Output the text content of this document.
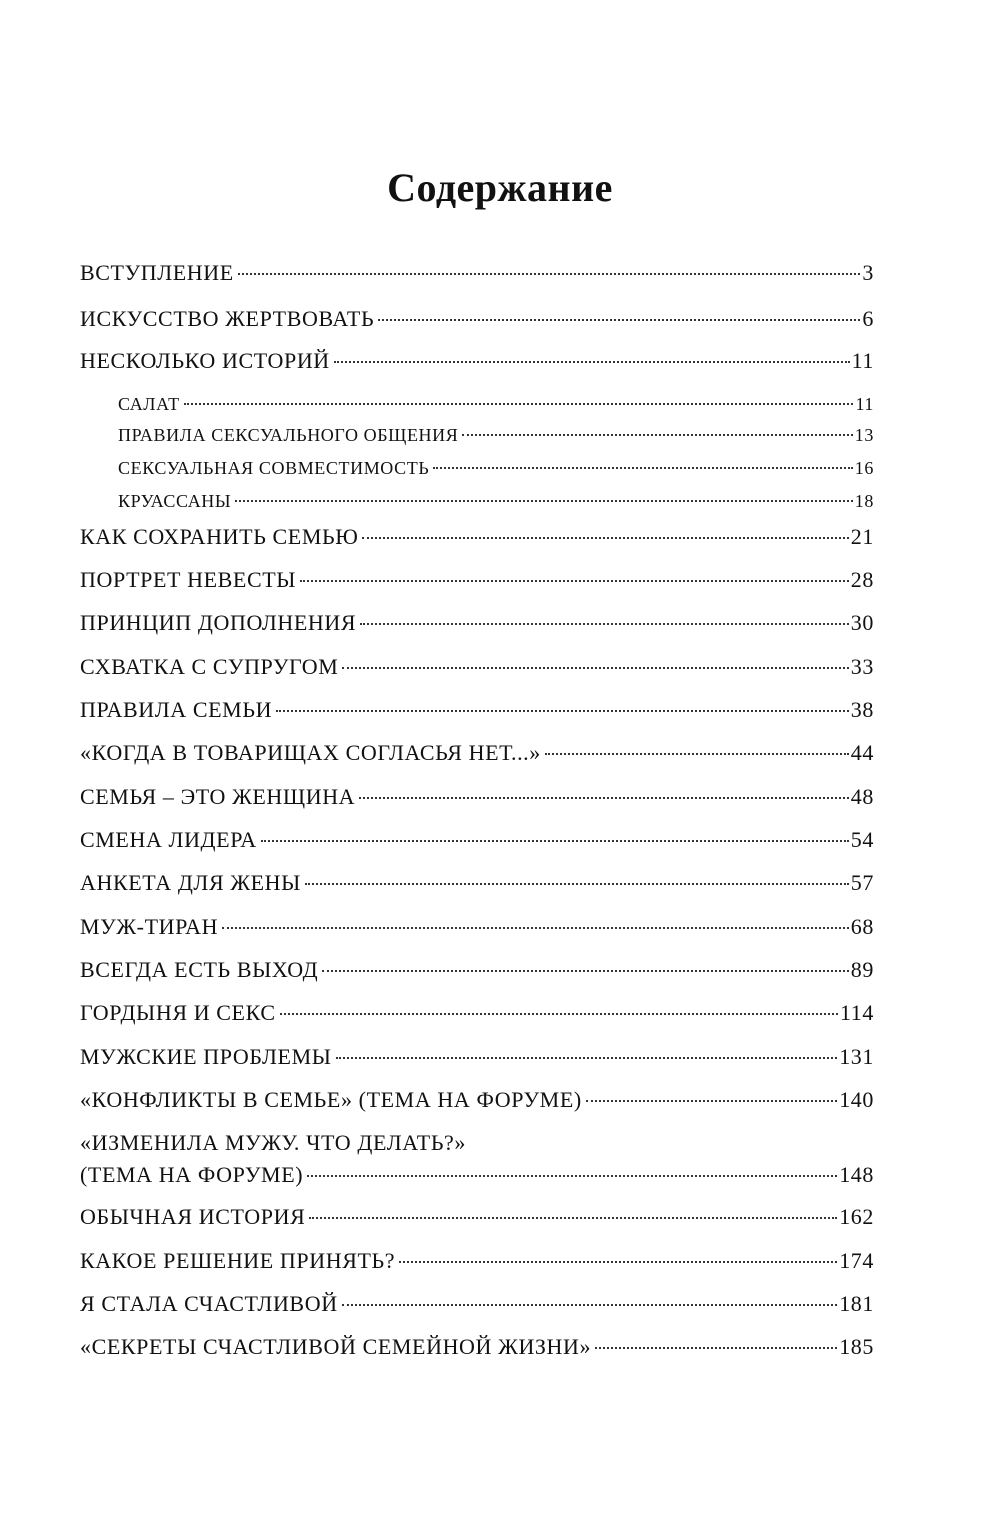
Содержание
ВСТУПЛЕНИЕ	3
ИСКУССТВО ЖЕРТВОВАТЬ	6
НЕСКОЛЬКО ИСТОРИЙ	11
САЛАТ	11
ПРАВИЛА СЕКСУАЛЬНОГО ОБЩЕНИЯ	13
СЕКСУАЛЬНАЯ СОВМЕСТИМОСТЬ	16
КРУАССАНЫ	18
КАК СОХРАНИТЬ СЕМЬЮ	21
ПОРТРЕТ НЕВЕСТЫ	28
ПРИНЦИП ДОПОЛНЕНИЯ	30
СХВАТКА С СУПРУГОМ	33
ПРАВИЛА СЕМЬИ	38
«КОГДА В ТОВАРИЩАХ СОГЛАСЬЯ НЕТ...»	44
СЕМЬЯ – ЭТО ЖЕНЩИНА	48
СМЕНА ЛИДЕРА	54
АНКЕТА ДЛЯ ЖЕНЫ	57
МУЖ-ТИРАН	68
ВСЕГДА ЕСТЬ ВЫХОД	89
ГОРДЫНЯ И СЕКС	114
МУЖСКИЕ ПРОБЛЕМЫ	131
«КОНФЛИКТЫ В СЕМЬЕ» (ТЕМА НА ФОРУМЕ)	140
«ИЗМЕНИЛА МУЖУ. ЧТО ДЕЛАТЬ?»
(ТЕМА НА ФОРУМЕ)	148
ОБЫЧНАЯ ИСТОРИЯ	162
КАКОЕ РЕШЕНИЕ ПРИНЯТЬ?	174
Я СТАЛА СЧАСТЛИВОЙ	181
«СЕКРЕТЫ СЧАСТЛИВОЙ СЕМЕЙНОЙ ЖИЗНИ»	185
